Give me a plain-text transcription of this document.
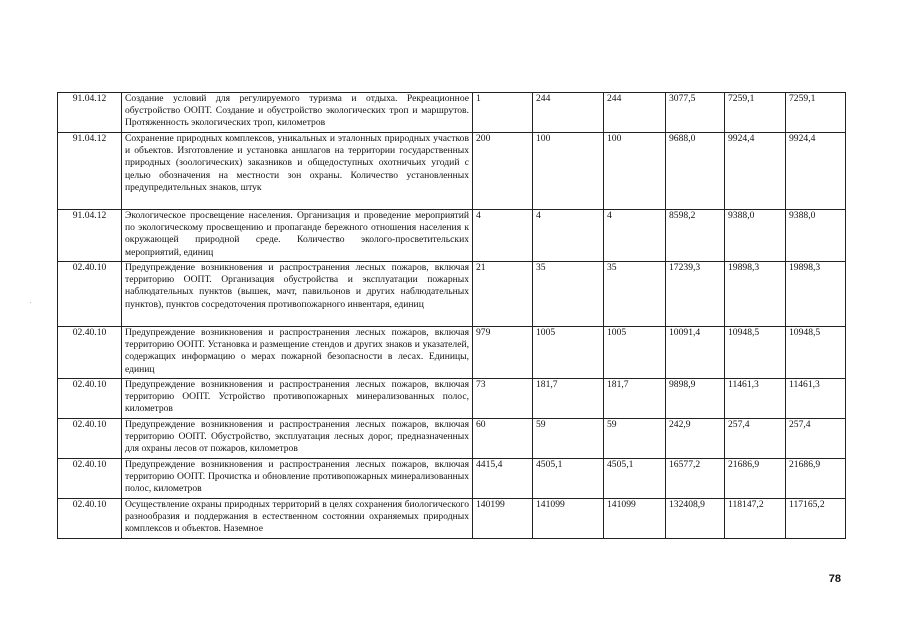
91.04.12	Создание условий для регулируемого туризма и отдыха. Рекреационное обустройство ООПТ. Создание и обустройство экологических троп и маршрутов. Протяженность экологических троп, километров	1	244	244	3077,5	7259,1	7259,1
91.04.12	Сохранение природных комплексов, уникальных и эталонных природных участков и объектов. Изготовление и установка аншлагов на территории государственных природных (зоологических) заказников и общедоступных охотничьих угодий с целью обозначения на местности зон охраны. Количество установленных предупредительных знаков, штук	200	100	100	9688,0	9924,4	9924,4
91.04.12	Экологическое просвещение населения. Организация и проведение мероприятий по экологическому просвещению и пропаганде бережного отношения населения к окружающей природной среде. Количество эколого-просветительских мероприятий, единиц	4	4	4	8598,2	9388,0	9388,0
02.40.10	Предупреждение возникновения и распространения лесных пожаров, включая территорию ООПТ. Организация обустройства и эксплуатации пожарных наблюдательных пунктов (вышек, мачт, павильонов и других наблюдательных пунктов), пунктов сосредоточения противопожарного инвентаря, единиц	21	35	35	17239,3	19898,3	19898,3
02.40.10	Предупреждение возникновения и распространения лесных пожаров, включая территорию ООПТ. Установка и размещение стендов и других знаков и указателей, содержащих информацию о мерах пожарной безопасности в лесах. Единицы, единиц	979	1005	1005	10091,4	10948,5	10948,5
02.40.10	Предупреждение возникновения и распространения лесных пожаров, включая территорию ООПТ. Устройство противопожарных минерализованных полос, километров	73	181,7	181,7	9898,9	11461,3	11461,3
02.40.10	Предупреждение возникновения и распространения лесных пожаров, включая территорию ООПТ. Обустройство, эксплуатация лесных дорог, предназначенных для охраны лесов от пожаров, километров	60	59	59	242,9	257,4	257,4
02.40.10	Предупреждение возникновения и распространения лесных пожаров, включая территорию ООПТ. Прочистка и обновление противопожарных минерализованных полос, километров	4415,4	4505,1	4505,1	16577,2	21686,9	21686,9
02.40.10	Осуществление охраны природных территорий в целях сохранения биологического разнообразия и поддержания в естественном состоянии охраняемых природных комплексов и объектов. Наземное	140199	141099	141099	132408,9	118147,2	117165,2
78
